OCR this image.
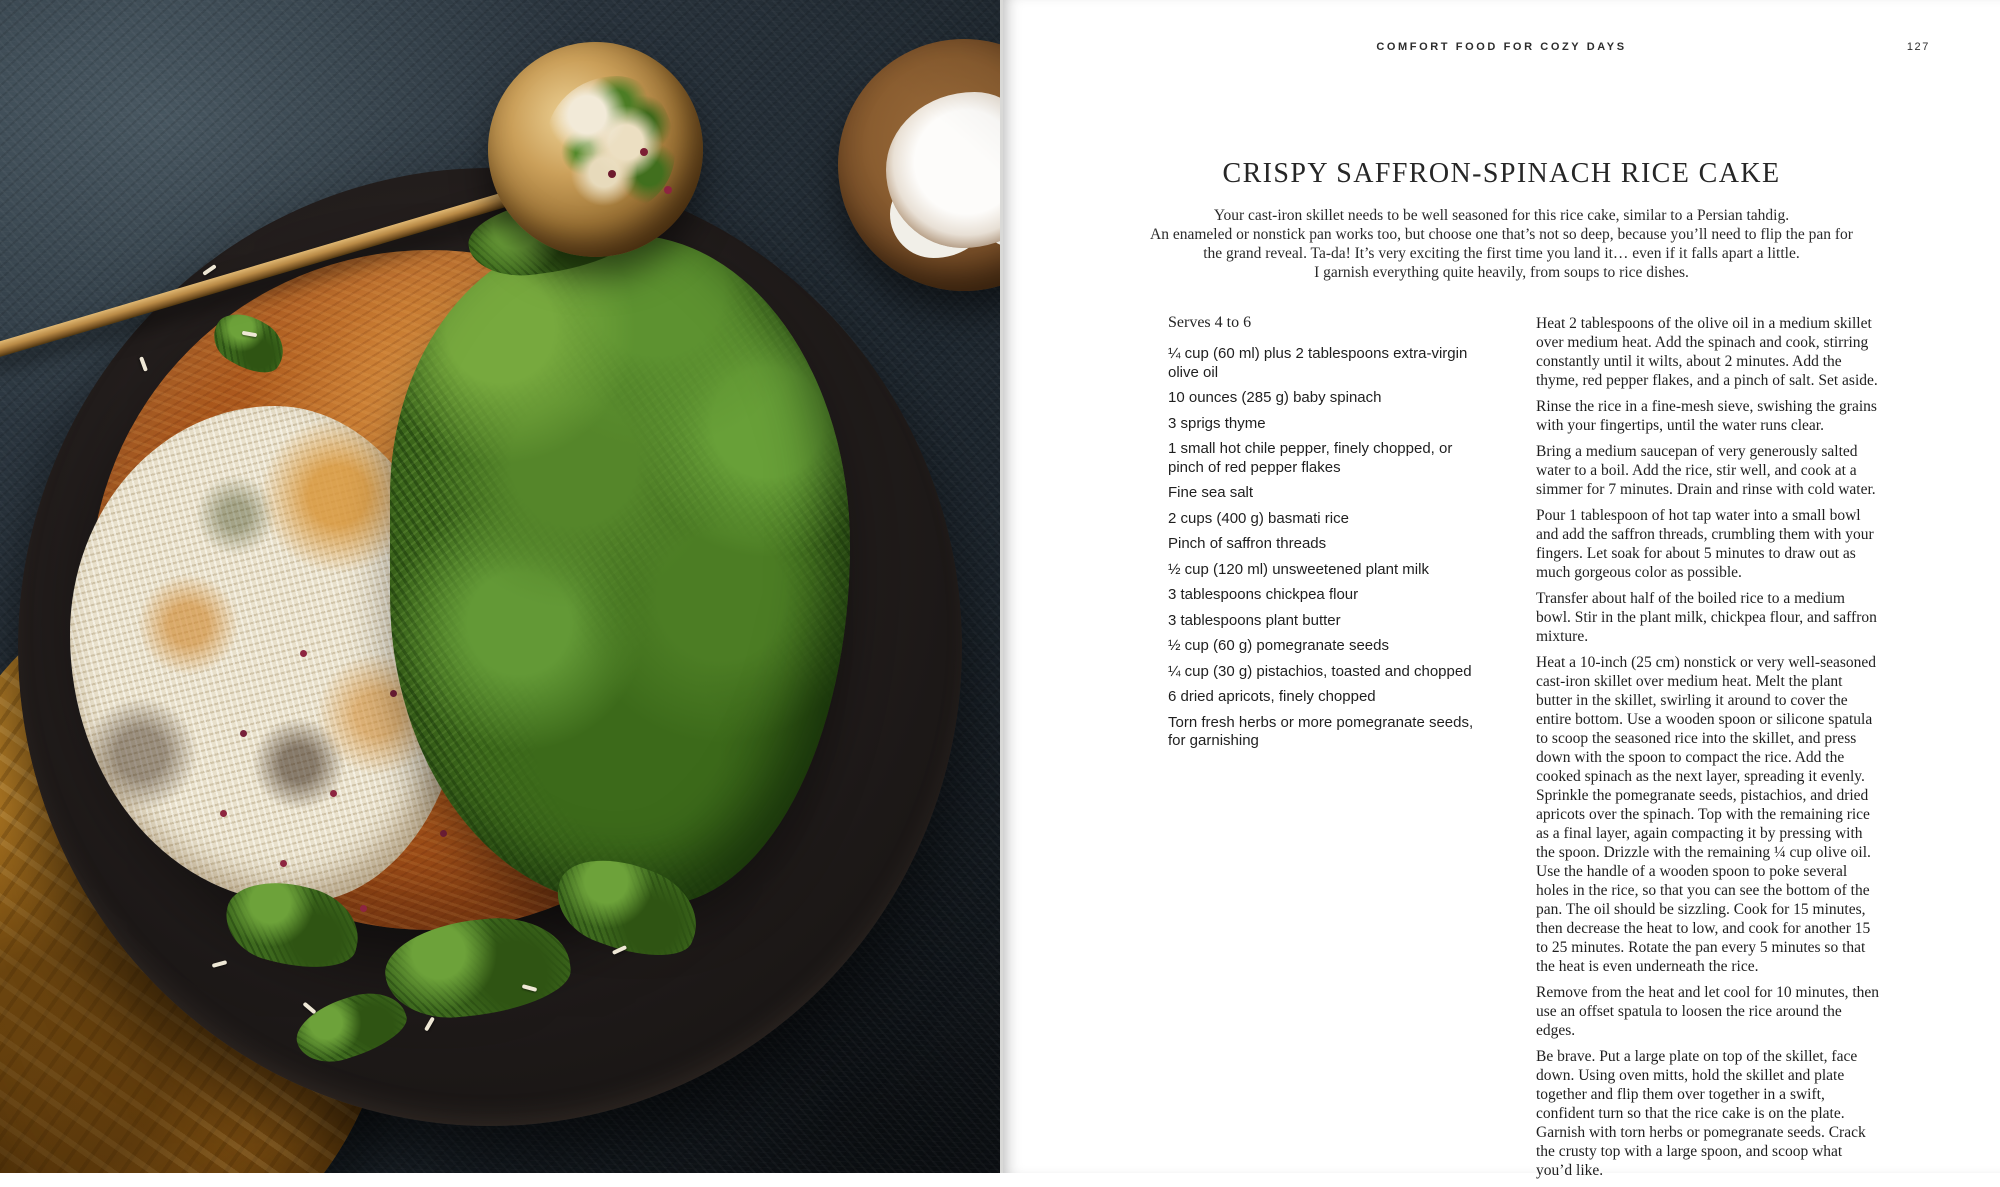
COMFORT FOOD FOR COZY DAYS	127
CRISPY SAFFRON-SPINACH RICE CAKE
Your cast-iron skillet needs to be well seasoned for this rice cake, similar to a Persian tahdig.
An enameled or nonstick pan works too, but choose one that’s not so deep, because you’ll need to flip the pan for
the grand reveal. Ta-da! It’s very exciting the first time you land it… even if it falls apart a little.
I garnish everything quite heavily, from soups to rice dishes.
Serves 4 to 6
¼ cup (60 ml) plus 2 tablespoons extra-virgin olive oil
10 ounces (285 g) baby spinach
3 sprigs thyme
1 small hot chile pepper, finely chopped, or pinch of red pepper flakes
Fine sea salt
2 cups (400 g) basmati rice
Pinch of saffron threads
½ cup (120 ml) unsweetened plant milk
3 tablespoons chickpea flour
3 tablespoons plant butter
½ cup (60 g) pomegranate seeds
¼ cup (30 g) pistachios, toasted and chopped
6 dried apricots, finely chopped
Torn fresh herbs or more pomegranate seeds, for garnishing

Heat 2 tablespoons of the olive oil in a medium skillet over medium heat. Add the spinach and cook, stirring constantly until it wilts, about 2 minutes. Add the thyme, red pepper flakes, and a pinch of salt. Set aside.

Rinse the rice in a fine-mesh sieve, swishing the grains with your fingertips, until the water runs clear.

Bring a medium saucepan of very generously salted water to a boil. Add the rice, stir well, and cook at a simmer for 7 minutes. Drain and rinse with cold water.

Pour 1 tablespoon of hot tap water into a small bowl and add the saffron threads, crumbling them with your fingers. Let soak for about 5 minutes to draw out as much gorgeous color as possible.

Transfer about half of the boiled rice to a medium bowl. Stir in the plant milk, chickpea flour, and saffron mixture.

Heat a 10-inch (25 cm) nonstick or very well-seasoned cast-iron skillet over medium heat. Melt the plant butter in the skillet, swirling it around to cover the entire bottom. Use a wooden spoon or silicone spatula to scoop the seasoned rice into the skillet, and press down with the spoon to compact the rice. Add the cooked spinach as the next layer, spreading it evenly. Sprinkle the pomegranate seeds, pistachios, and dried apricots over the spinach. Top with the remaining rice as a final layer, again compacting it by pressing with the spoon. Drizzle with the remaining ¼ cup olive oil. Use the handle of a wooden spoon to poke several holes in the rice, so that you can see the bottom of the pan. The oil should be sizzling. Cook for 15 minutes, then decrease the heat to low, and cook for another 15 to 25 minutes. Rotate the pan every 5 minutes so that the heat is even underneath the rice.

Remove from the heat and let cool for 10 minutes, then use an offset spatula to loosen the rice around the edges.

Be brave. Put a large plate on top of the skillet, face down. Using oven mitts, hold the skillet and plate together and flip them over together in a swift, confident turn so that the rice cake is on the plate. Garnish with torn herbs or pomegranate seeds. Crack the crusty top with a large spoon, and scoop what you’d like.
